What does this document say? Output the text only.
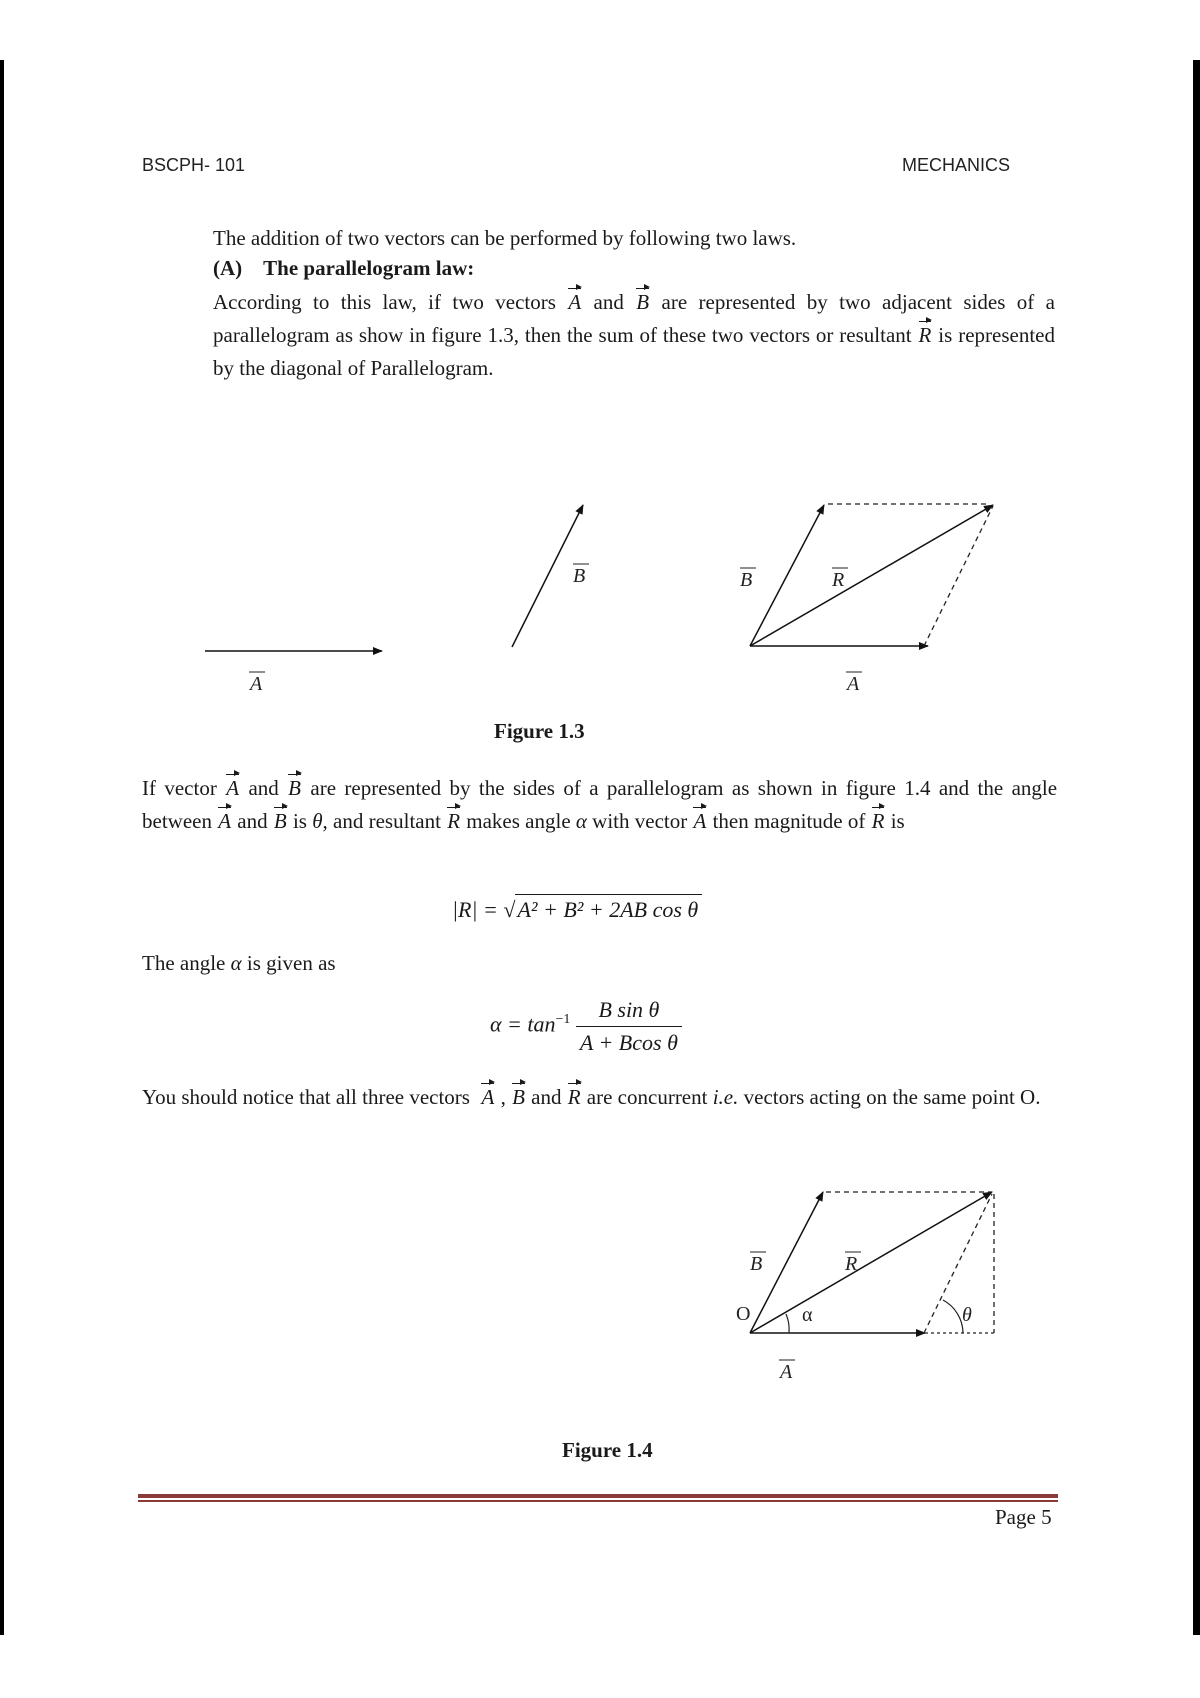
BSCPH- 101	MECHANICS
The addition of two vectors can be performed by following two laws.
(A) The parallelogram law:
According to this law, if two vectors A and B are represented by two adjacent sides of a parallelogram as show in figure 1.3, then the sum of these two vectors or resultant R is represented by the diagonal of Parallelogram.
A
B	B	R
A
Figure 1.3
If vector A and B are represented by the sides of a parallelogram as shown in figure 1.4 and the angle between A and B is θ, and resultant R makes angle α with vector A then magnitude of R is
|R| = √A² + B² + 2AB cos θ
The angle α is given as
$\alpha = \tan^{-1} \frac{\text{B sin θ}}{\text{A + Bcos θ}}$
You should notice that all three vectors A , B and R are concurrent i.e. vectors acting on the same point O.
O	α	θ
B	R
A
Figure 1.4
Page 5
